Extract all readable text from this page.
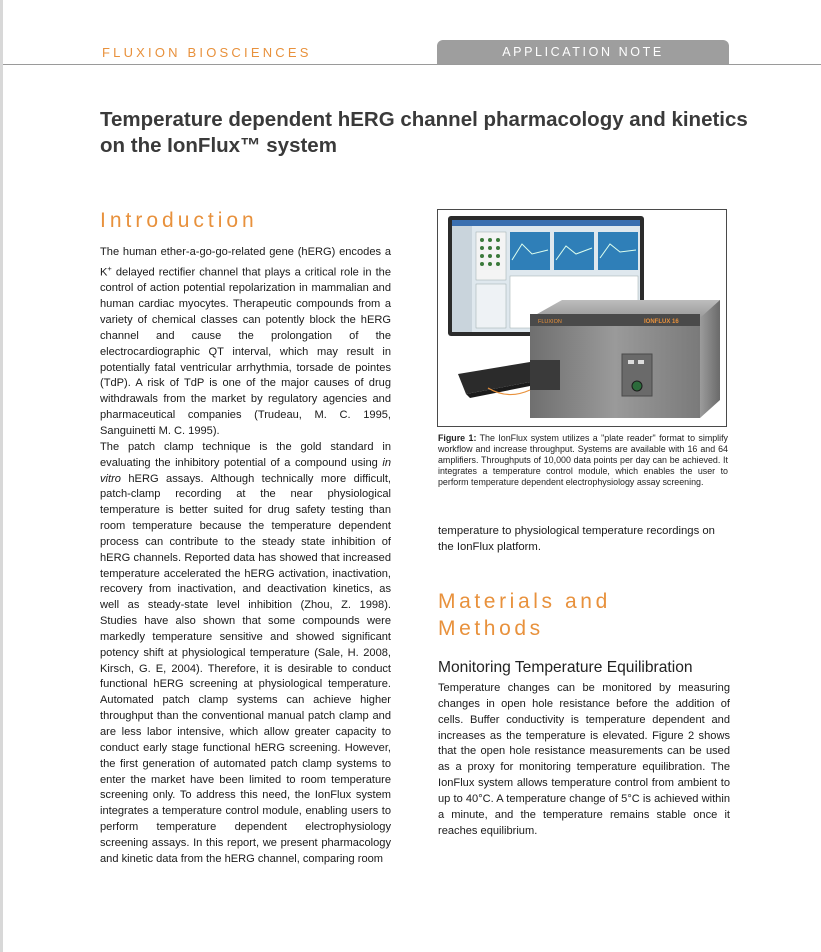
FLUXION BIOSCIENCES	APPLICATION NOTE
Temperature dependent hERG channel pharmacology and kinetics
on the IonFlux™ system
Introduction

The human ether-a-go-go-related gene (hERG) encodes a K+ delayed rectifier channel that plays a critical role in the control of action potential repolarization in mammalian and human cardiac myocytes. Therapeutic compounds from a variety of chemical classes can potently block the hERG channel and cause the prolongation of the electrocardiographic QT interval, which may result in potentially fatal ventricular arrhythmia, torsade de pointes (TdP). A risk of TdP is one of the major causes of drug withdrawals from the market by regulatory agencies and pharmaceutical companies (Trudeau, M. C. 1995, Sanguinetti M. C. 1995).

The patch clamp technique is the gold standard in evaluating the inhibitory potential of a compound using in vitro hERG assays. Although technically more difficult, patch-clamp recording at the near physiological temperature is better suited for drug safety testing than room temperature because the temperature dependent process can contribute to the steady state inhibition of hERG channels. Reported data has showed that increased temperature accelerated the hERG activation, inactivation, recovery from inactivation, and deactivation kinetics, as well as steady-state level inhibition (Zhou, Z. 1998). Studies have also shown that some compounds were markedly temperature sensitive and showed significant potency shift at physiological temperature (Sale, H. 2008, Kirsch, G. E, 2004). Therefore, it is desirable to conduct functional hERG screening at physiological temperature. Automated patch clamp systems can achieve higher throughput than the conventional manual patch clamp and are less labor intensive, which allow greater capacity to conduct early stage functional hERG screening. However, the first generation of automated patch clamp systems to enter the market have been limited to room temperature screening only. To address this need, the IonFlux system integrates a temperature control module, enabling users to perform temperature dependent electrophysiology screening assays. In this report, we present pharmacology and kinetic data from the hERG channel, comparing room

FLUXION	IONFLUX 16

Figure 1: The IonFlux system utilizes a "plate reader" format to simplify workflow and increase throughput. Systems are available with 16 and 64 amplifiers. Throughputs of 10,000 data points per day can be achieved. It integrates a temperature control module, which enables the user to perform temperature dependent electrophysiology assay screening.

temperature to physiological temperature recordings on the IonFlux platform.

Materials and
Methods
Monitoring Temperature Equilibration

Temperature changes can be monitored by measuring changes in open hole resistance before the addition of cells. Buffer conductivity is temperature dependent and increases as the temperature is elevated. Figure 2 shows that the open hole resistance measurements can be used as a proxy for monitoring temperature equilibration. The IonFlux system allows temperature control from ambient to up to 40°C. A temperature change of 5°C is achieved within a minute, and the temperature remains stable once it reaches equilibrium.
